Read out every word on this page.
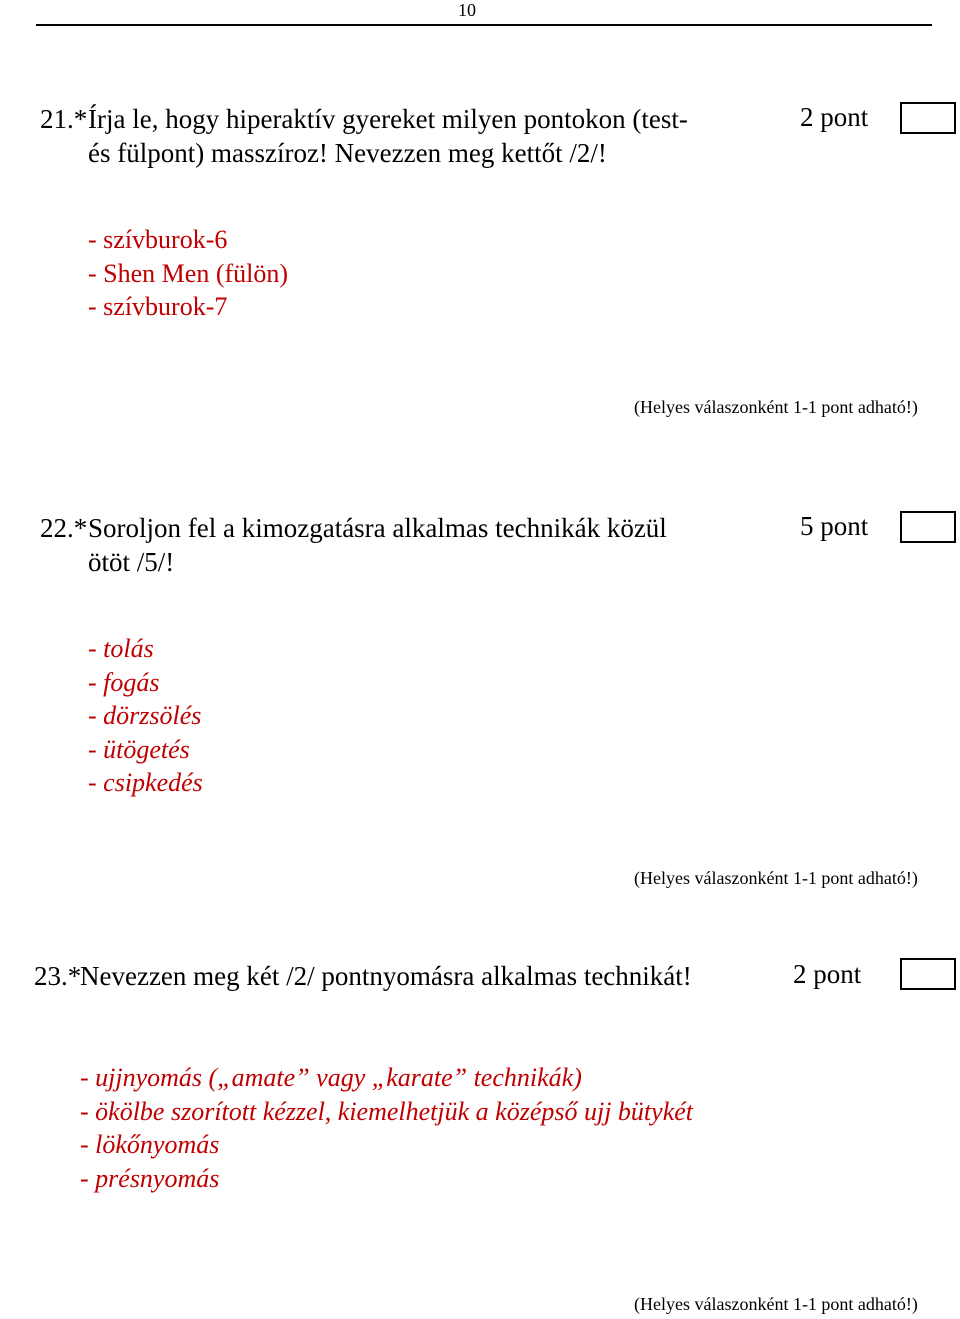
10
21.* Írja le, hogy hiperaktív gyereket milyen pontokon (test-
és fülpont) masszíroz! Nevezzen meg kettőt /2/!
2 pont
- szívburok-6
- Shen Men (fülön)
- szívburok-7
(Helyes válaszonként 1-1 pont adható!)
22.* Soroljon fel a kimozgatásra alkalmas technikák közül
ötöt /5/!
5 pont
- tolás
- fogás
- dörzsölés
- ütögetés
- csipkedés
(Helyes válaszonként 1-1 pont adható!)
23.*
Nevezzen meg két /2/ pontnyomásra alkalmas technikát!	2 pont
- ujjnyomás („amate” vagy „karate” technikák)
- ökölbe szorított kézzel, kiemelhetjük a középső ujj bütykét
- lökőnyomás
- présnyomás
(Helyes válaszonként 1-1 pont adható!)
